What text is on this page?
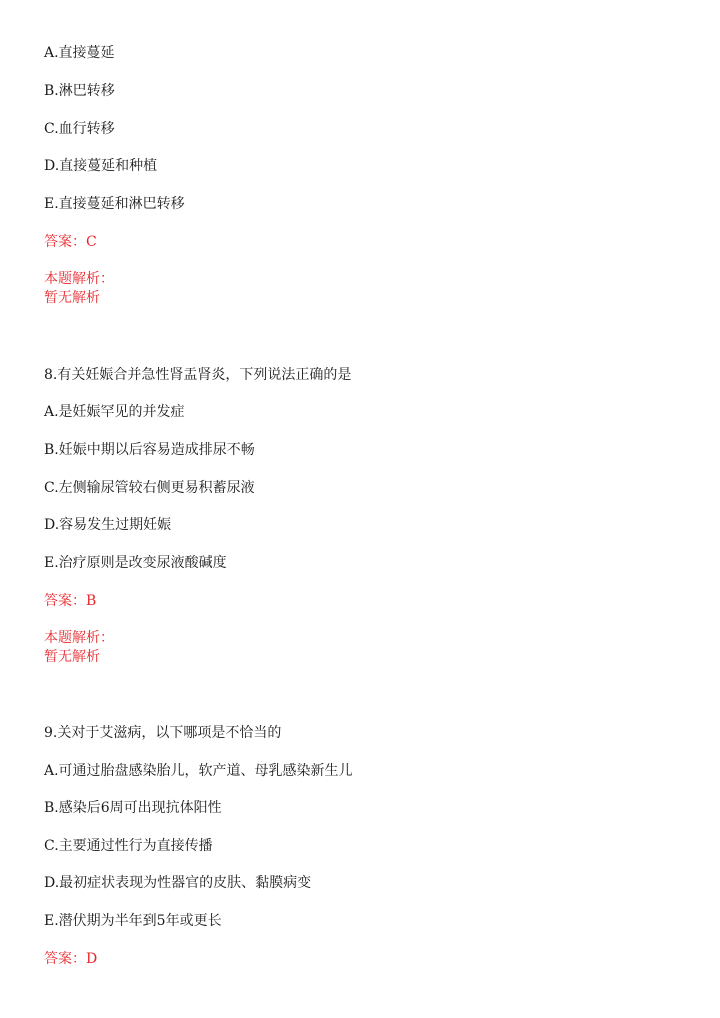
A.直接蔓延
B.淋巴转移
C.血行转移
D.直接蔓延和种植
E.直接蔓延和淋巴转移
答案：C
本题解析：
暂无解析
8.有关妊娠合并急性肾盂肾炎，下列说法正确的是
A.是妊娠罕见的并发症
B.妊娠中期以后容易造成排尿不畅
C.左侧输尿管较右侧更易积蓄尿液
D.容易发生过期妊娠
E.治疗原则是改变尿液酸碱度
答案：B
本题解析：
暂无解析
9.关对于艾滋病，以下哪项是不恰当的
A.可通过胎盘感染胎儿，软产道、母乳感染新生儿
B.感染后6周可出现抗体阳性
C.主要通过性行为直接传播
D.最初症状表现为性器官的皮肤、黏膜病变
E.潜伏期为半年到5年或更长
答案：D
